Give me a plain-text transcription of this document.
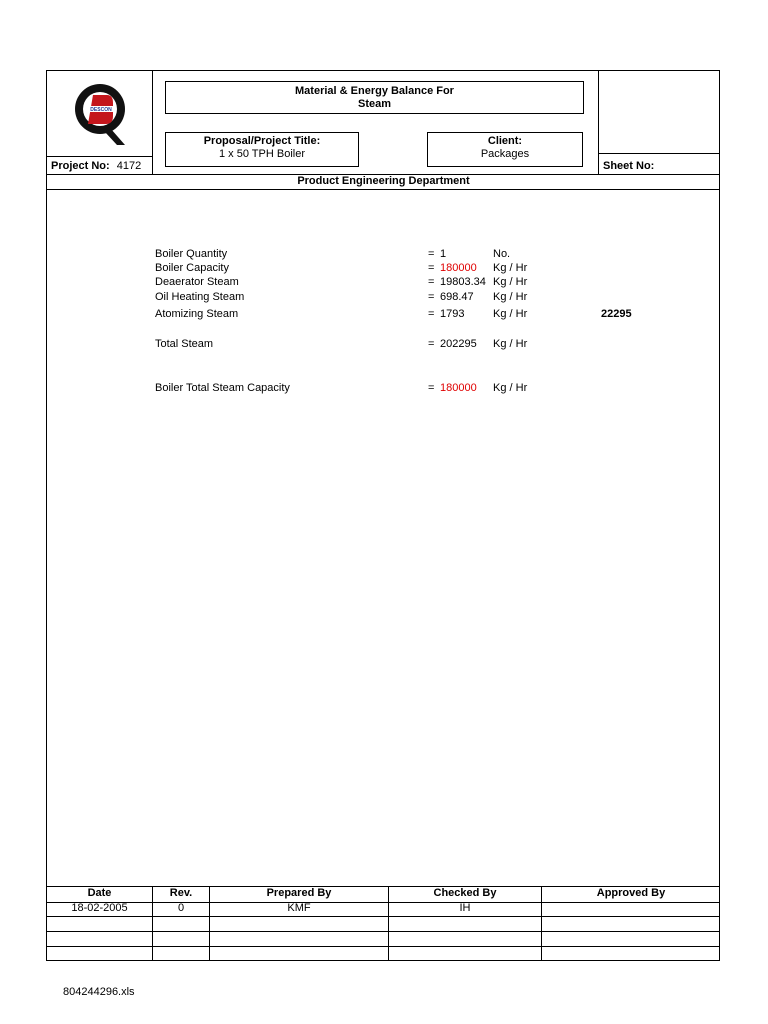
DESCON
Material & Energy Balance For
Steam
Proposal/Project Title:
1 x 50 TPH Boiler
Client:
Packages
Project No: 4172	Sheet No:
Product Engineering Department
Boiler Quantity	= 1	No.
Boiler Capacity	= 180000 Kg / Hr
Deaerator Steam	= 19803.34 Kg / Hr
Oil Heating Steam	= 698.47 Kg / Hr
Atomizing Steam	= 1793	Kg / Hr	22295
Total Steam	= 202295 Kg / Hr
Boiler Total Steam Capacity	= 180000 Kg / Hr
Date	Rev.	Prepared By	Checked By	Approved By
18-02-2005	0	KMF	IH
804244296.xls
